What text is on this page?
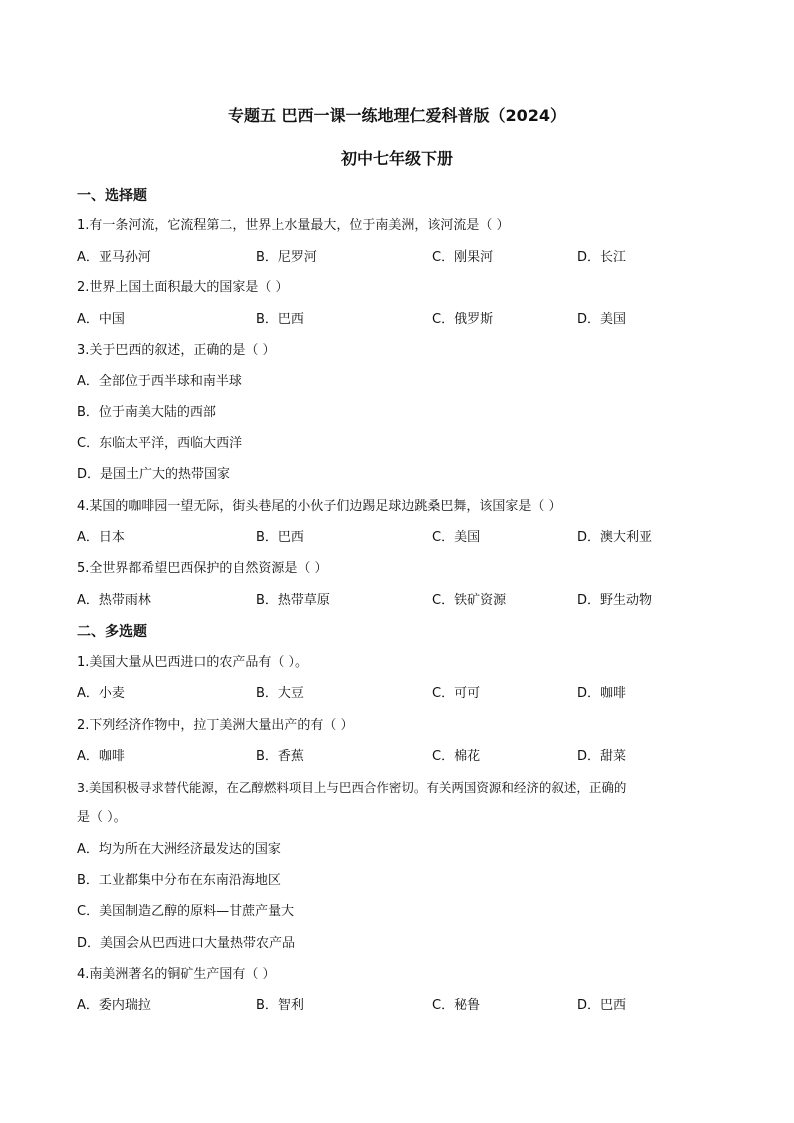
专题五 巴西一课一练地理仁爱科普版（2024）
初中七年级下册
一、选择题
1.有一条河流，它流程第二，世界上水量最大，位于南美洲，该河流是（ ）
A．亚马孙河	B．尼罗河	C．刚果河	D．长江
2.世界上国土面积最大的国家是（ ）
A．中国	B．巴西	C．俄罗斯	D．美国
3.关于巴西的叙述，正确的是（ ）
A．全部位于西半球和南半球
B．位于南美大陆的西部
C．东临太平洋，西临大西洋
D．是国土广大的热带国家
4.某国的咖啡园一望无际，街头巷尾的小伙子们边踢足球边跳桑巴舞，该国家是（ ）
A．日本	B．巴西	C．美国	D．澳大利亚
5.全世界都希望巴西保护的自然资源是（ ）
A．热带雨林	B．热带草原	C．铁矿资源	D．野生动物
二、多选题
1.美国大量从巴西进口的农产品有（ ）。
A．小麦	B．大豆	C．可可	D．咖啡
2.下列经济作物中，拉丁美洲大量出产的有（ ）
A．咖啡	B．香蕉	C．棉花	D．甜菜
3.美国积极寻求替代能源，在乙醇燃料项目上与巴西合作密切。有关两国资源和经济的叙述，正确的
是（ ）。
A．均为所在大洲经济最发达的国家
B．工业都集中分布在东南沿海地区
C．美国制造乙醇的原料—甘蔗产量大
D．美国会从巴西进口大量热带农产品
4.南美洲著名的铜矿生产国有（ ）
A．委内瑞拉	B．智利	C．秘鲁	D．巴西
